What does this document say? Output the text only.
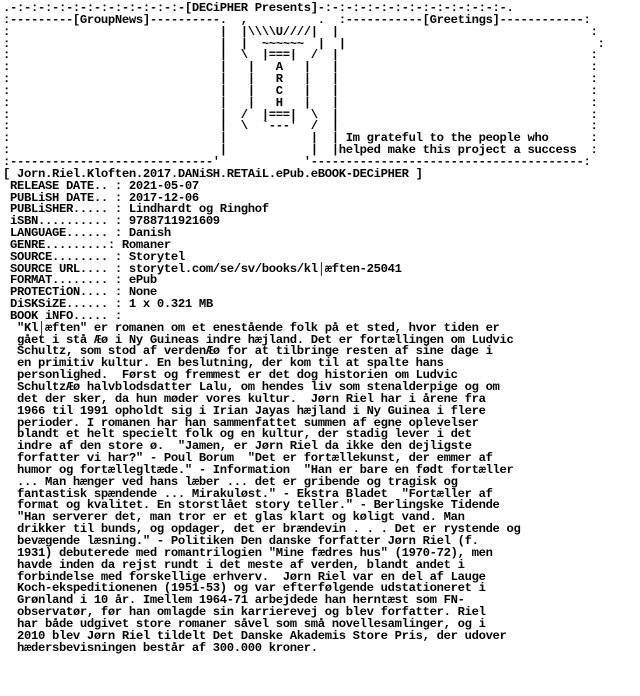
.-:-:-:-:-:-:-:-:-:-:-:-:-[DECiPHER Presents]-:-:-:-:-:-:-:-:-:-:-:-:-:-.
:---------[GroupNews]----------.  ,          .  :-----------[Greetings]------------:
:                              |  |\\\\U////|  |                                    :
:                              |  |  ~~~~~~  |  |                                    :
:                              |  \  |===|  /  |                                    :
:                              |   |   A   |   |                                    :
:                              |   |   R   |   |                                    :
:                              |   |   C   |   |                                    :
:                              |   |   H   |   |                                    :
:                              |  /  |===|  \  |                                    :
:                              |  \  `---'  /  |                                    :
:                              |            |  | Im grateful to the people who      :
:                              |            |  |helped make this project a success  :
:-----------------------------'            '---------------------------------------:
[ Jorn.Riel.Kloften.2017.DANiSH.RETAiL.ePub.eBOOK-DECiPHER ]
RELEASE DATE.. : 2021-05-07
PUBLiSH DATE.. : 2017-12-06
PUBLiSHER..... : Lindhardt og Ringhof
iSBN.......... : 9788711921609
LANGUAGE...... : Danish
GENRE.........: Romaner
SOURCE........ : Storytel
SOURCE URL.... : storytel.com/se/sv/books/kl│æften-25041
FORMAT........ : ePub
PROTECTiON.... : None
DiSKSiZE...... : 1 x 0.321 MB
BOOK iNFO..... :
"Kl│æften" er romanen om et enestående folk på et sted, hvor tiden er
gået i stå Æø i Ny Guineas indre hæjland. Det er fortællingen om Ludvic
Schultz, som stod af verdenÆø for at tilbringe resten af sine dage i
en primitiv kultur. En beslutning, der kom til at spalte hans
personlighed.  Først og fremmest er det dog historien om Ludvic
SchultzÆø halvblodsdatter Lalu, om hendes liv som stenalderpige og om
det der sker, da hun møder vores kultur.  Jørn Riel har i årene fra
1966 til 1991 opholdt sig i Irian Jayas hæjland i Ny Guinea i flere
perioder. I romanen har han sammenfattet summen af egne oplevelser
blandt et helt specielt folk og en kultur, der stadig lever i det
indre af den store ø.  "Jamen, er Jørn Riel da ikke den dejligste
forfatter vi har?" - Poul Borum  "Det er fortællekunst, der emmer af
humor og fortællegltæde." - Information  "Han er bare en født fortæller
... Man hænger ved hans læber ... det er gribende og tragisk og
fantastisk spændende ... Mirakuløst." - Ekstra Bladet  "Fortæller af
format og kvalitet. En storstlået story teller." - Berlingske Tidende
"Han serverer det, man tror er et glas klart og køligt vand. Man
drikker til bunds, og opdager, det er brændevin . . . Det er rystende og
bevægende læsning." - Politiken Den danske forfatter Jørn Riel (f.
1931) debuterede med romantrilogien "Mine fædres hus" (1970-72), men
havde inden da rejst rundt i det meste af verden, blandt andet i
forbindelse med forskellige erhverv.  Jørn Riel var en del af Lauge
Koch-ekspeditionenen (1951-53) og var efterfølgende udstationeret i
Grønland i 10 år. Imellem 1964-71 arbejdede han herntæst som FN-
observatør, før han omlagde sin karrierevej og blev forfatter. Riel
har både udgivet store romaner såvel som små novellesamlinger, og i
2010 blev Jørn Riel tildelt Det Danske Akademis Store Pris, der udover
hædersbevisningen består af 300.000 kroner.
